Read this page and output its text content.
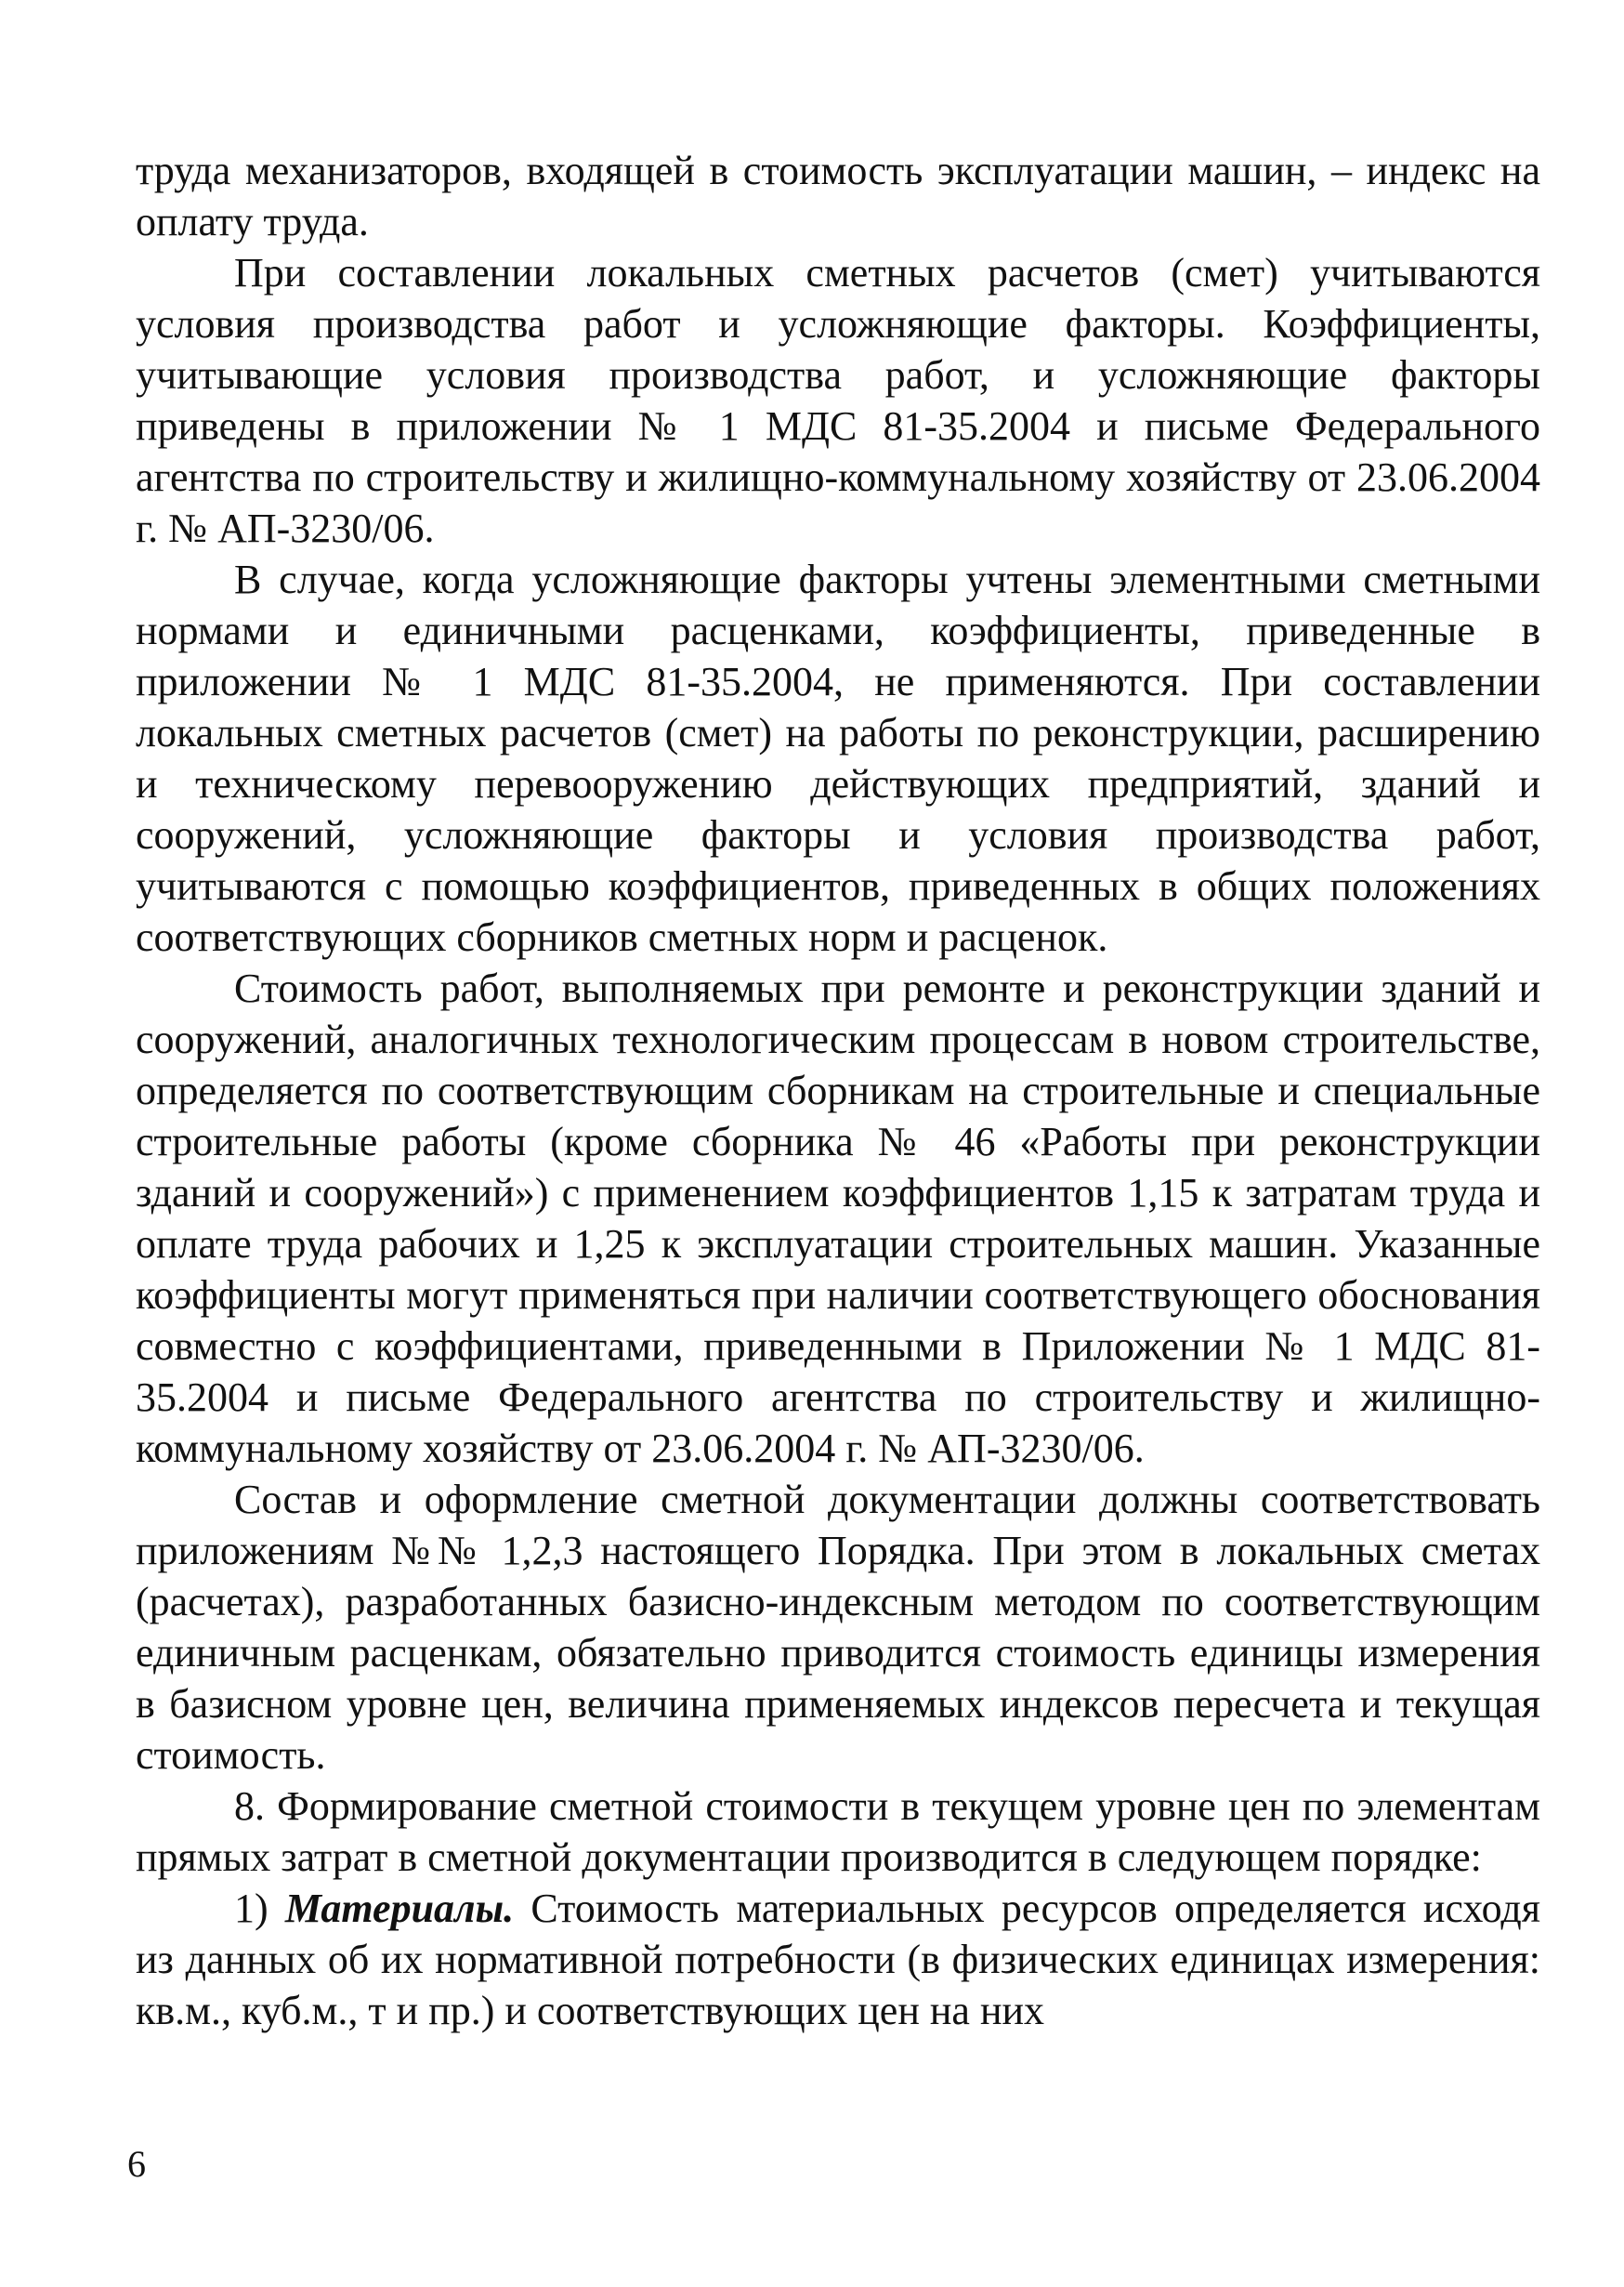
труда механизаторов, входящей в стоимость эксплуатации машин, – индекс на оплату труда.

При составлении локальных сметных расчетов (смет) учитываются условия производства работ и усложняющие факторы. Коэффициенты, учитывающие условия производства работ, и усложняющие факторы приведены в приложении № 1 МДС 81-35.2004 и письме Федерального агентства по строительству и жилищно-коммунальному хозяйству от 23.06.2004 г. № АП-3230/06.

В случае, когда усложняющие факторы учтены элементными сметными нормами и единичными расценками, коэффициенты, приведенные в приложении № 1 МДС 81-35.2004, не применяются. При составлении локальных сметных расчетов (смет) на работы по реконструкции, расширению и техническому перевооружению действующих предприятий, зданий и сооружений, усложняющие факторы и условия производства работ, учитываются с помощью коэффициентов, приведенных в общих положениях соответствующих сборников сметных норм и расценок.

Стоимость работ, выполняемых при ремонте и реконструкции зданий и сооружений, аналогичных технологическим процессам в новом строительстве, определяется по соответствующим сборникам на строительные и специальные строительные работы (кроме сборника № 46 «Работы при реконструкции зданий и сооружений») с применением коэффициентов 1,15 к затратам труда и оплате труда рабочих и 1,25 к эксплуатации строительных машин. Указанные коэффициенты могут применяться при наличии соответствующего обоснования совместно с коэффициентами, приведенными в Приложении № 1 МДС 81-35.2004 и письме Федерального агентства по строительству и жилищно-коммунальному хозяйству от 23.06.2004 г. № АП-3230/06.

Состав и оформление сметной документации должны соответствовать приложениям №№ 1,2,3 настоящего Порядка. При этом в локальных сметах (расчетах), разработанных базисно-индексным методом по соответствующим единичным расценкам, обязательно приводится стоимость единицы измерения в базисном уровне цен, величина применяемых индексов пересчета и текущая стоимость.

8. Формирование сметной стоимости в текущем уровне цен по элементам прямых затрат в сметной документации производится в следующем порядке:

1) Материалы. Стоимость материальных ресурсов определяется исходя из данных об их нормативной потребности (в физических единицах измерения: кв.м., куб.м., т и пр.) и соответствующих цен на них

6
